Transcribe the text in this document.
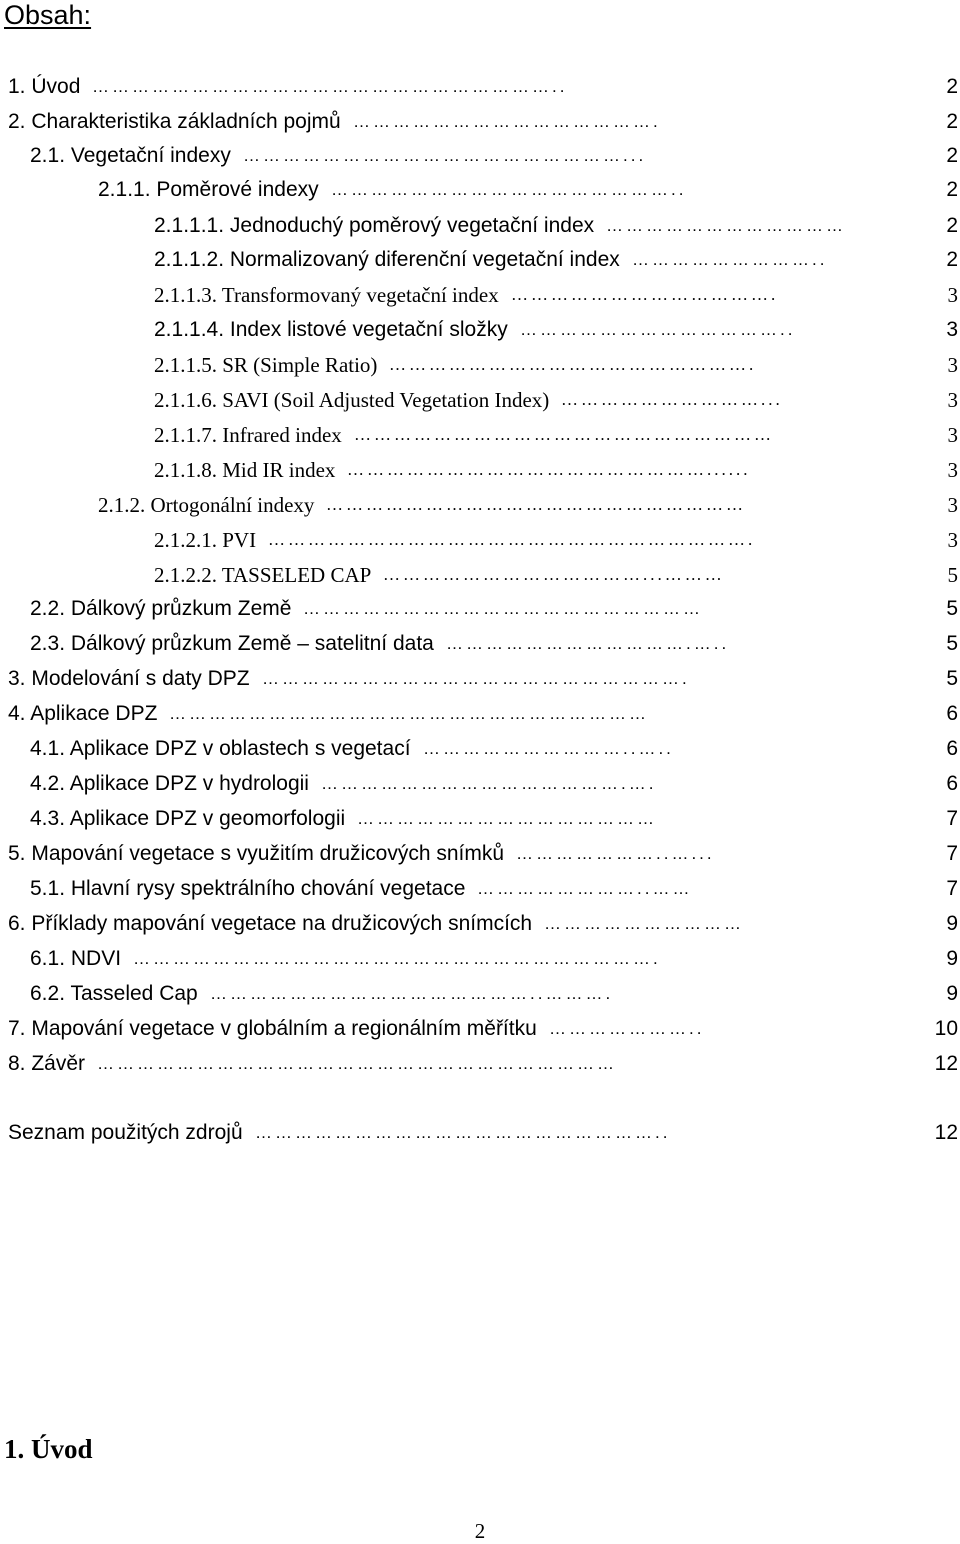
Obsah:
1. Úvod ……………………………………………………………..	2
2. Charakteristika základních pojmů ……………………………………….	2
2.1. Vegetační indexy …………………………………………………...	2
2.1.1. Poměrové indexy ……………………………………………..	2
2.1.1.1. Jednoduchý poměrový vegetační index ………………………………	2
2.1.1.2. Normalizovaný diferenční vegetační index ………………………..	2
2.1.1.3. Transformovaný vegetační index ………………………………….	3
2.1.1.4. Index listové vegetační složky …………………………………..	3
2.1.1.5. SR (Simple Ratio) ……………………………………………….	3
2.1.1.6. SAVI (Soil Adjusted Vegetation Index) …………………………...	3
2.1.1.7. Infrared index ………………………………………………………	3
2.1.1.8. Mid IR index ………………………………………………......	3
2.1.2. Ortogonální indexy ………………………………………………………	3
2.1.2.1. PVI ……………………………………………………………….	3
2.1.2.2. TASSELED CAP …………………………………...………	5
2.2. Dálkový průzkum Země ……………………………………………………	5
2.3. Dálkový průzkum Země – satelitní data ……………………………….…..	5
3. Modelování s daty DPZ ……………………………………………………….	5
4. Aplikace DPZ ………………………………………………………………	6
4.1. Aplikace DPZ v oblastech s vegetací …………………………..…..	6
4.2. Aplikace DPZ v hydrologii ……………………………………….….	6
4.3. Aplikace DPZ v geomorfologii ………………………………………	7
5. Mapování vegetace s využitím družicových snímků …………………..…...	7
5.1. Hlavní rysy spektrálního chování vegetace ……………………..……	7
6. Příklady mapování vegetace na družicových snímcích …………………………	9
6.1. NDVI …………………………………………………………………….	9
6.2. Tasseled Cap …………………………………………..……….	9
7. Mapování vegetace v globálním a regionálním měřítku …………………..	10
8. Závěr ……………………………………………………………………	12
Seznam použitých zdrojů ……………………………………………………..	12
1. Úvod
2
